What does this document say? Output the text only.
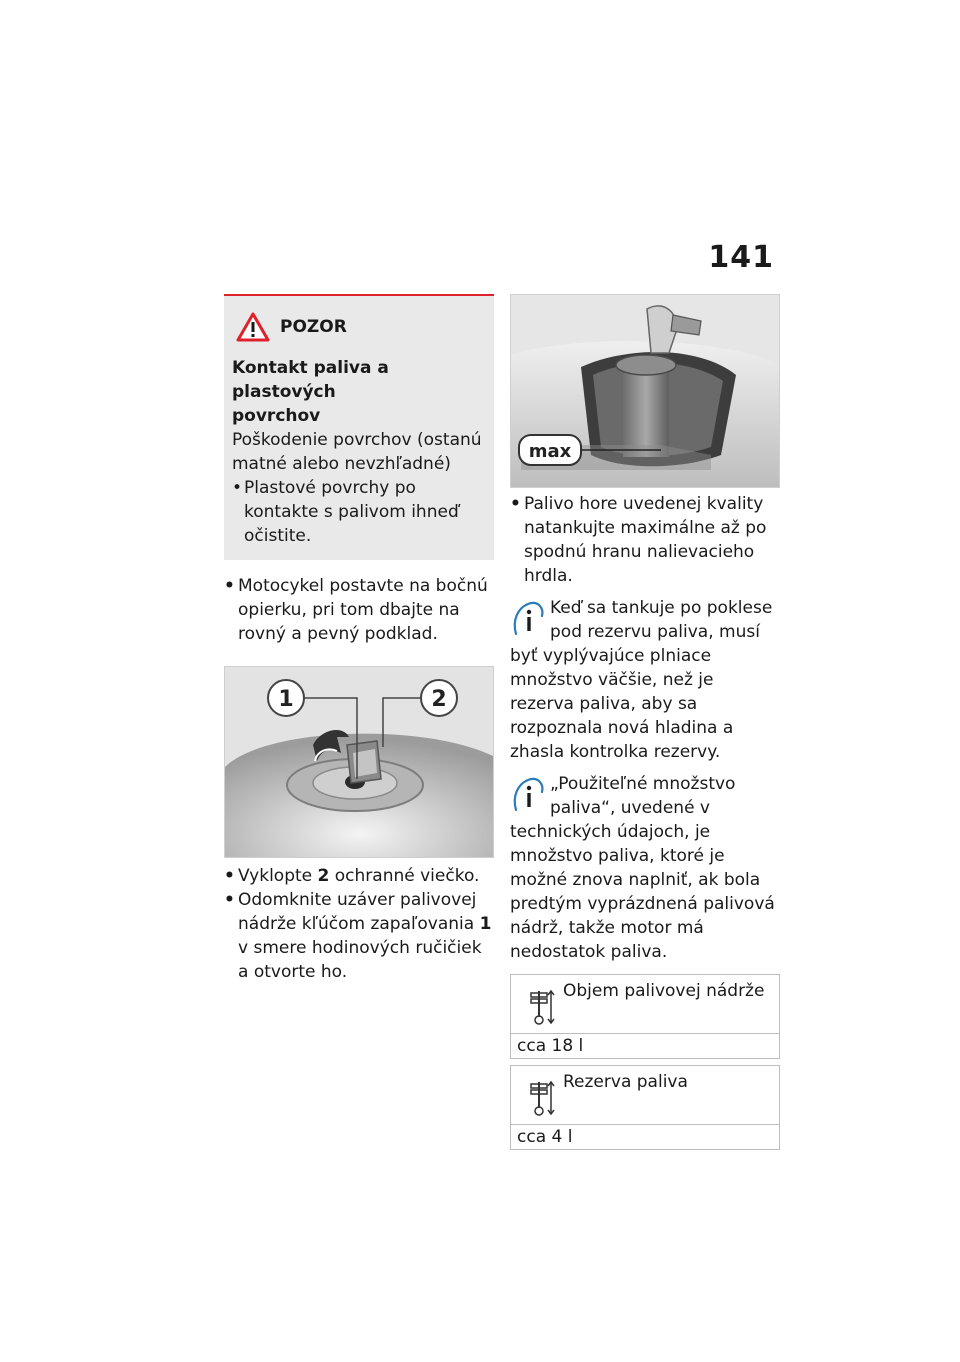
141
POZOR
Kontakt paliva a plastových
povrchov
Poškodenie povrchov (ostanú matné alebo nevzhľadné)
• Plastové povrchy po kontakte s palivom ihneď očistite.
• Motocykel postavte na bočnú opierku, pri tom dbajte na rovný a pevný podklad.
1	2
• Vyklopte 2 ochranné viečko.
• Odomknite uzáver palivovej nádrže kľúčom zapaľovania 1 v smere hodinových ručičiek a otvorte ho.
max
• Palivo hore uvedenej kvality natankujte maximálne až po spodnú hranu nalievacieho hrdla.
Keď sa tankuje po poklese pod rezervu paliva, musí byť vyplývajúce plniace množstvo väčšie, než je rezerva paliva, aby sa rozpoznala nová hladina a zhasla kontrolka rezervy.
„Použiteľné množstvo paliva“, uvedené v technických údajoch, je množstvo paliva, ktoré je možné znova naplniť, ak bola predtým vyprázdnená palivová nádrž, takže motor má nedostatok paliva.
Objem palivovej nádrže
cca 18 l
Rezerva paliva
cca 4 l
